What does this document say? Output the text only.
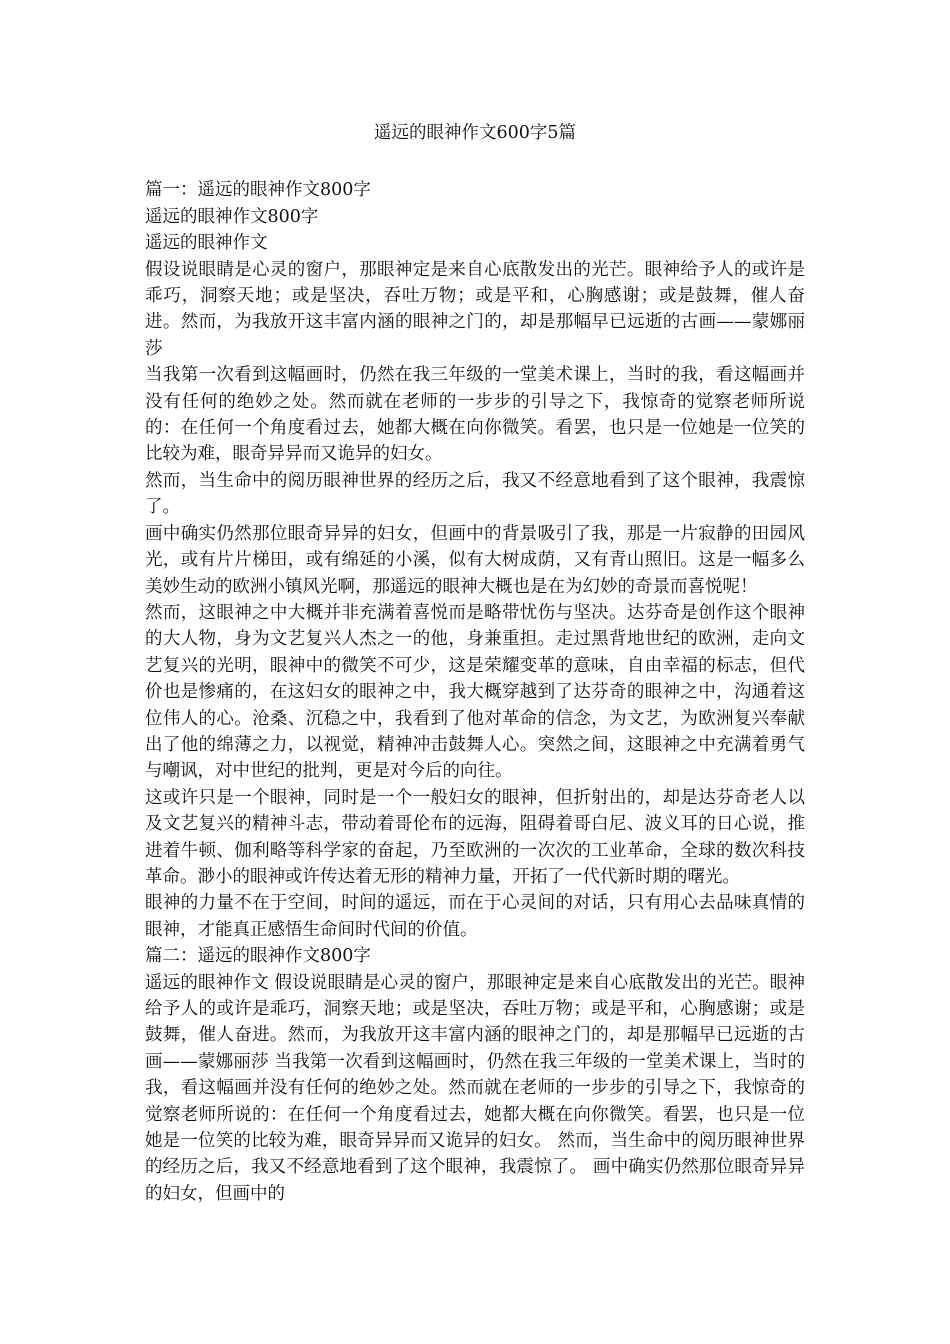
遥远的眼神作文600字5篇

篇一：遥远的眼神作文800字

遥远的眼神作文800字

遥远的眼神作文

假设说眼睛是心灵的窗户，那眼神定是来自心底散发出的光芒。眼神给予人的或许是乖巧，洞察天地；或是坚决，吞吐万物；或是平和，心胸感谢；或是鼓舞，催人奋进。然而，为我放开这丰富内涵的眼神之门的，却是那幅早已远逝的古画——蒙娜丽莎

当我第一次看到这幅画时，仍然在我三年级的一堂美术课上，当时的我，看这幅画并没有任何的绝妙之处。然而就在老师的一步步的引导之下，我惊奇的觉察老师所说的：在任何一个角度看过去，她都大概在向你微笑。看罢，也只是一位她是一位笑的比较为难，眼奇异异而又诡异的妇女。

然而，当生命中的阅历眼神世界的经历之后，我又不经意地看到了这个眼神，我震惊了。

画中确实仍然那位眼奇异异的妇女，但画中的背景吸引了我，那是一片寂静的田园风光，或有片片梯田，或有绵延的小溪，似有大树成荫，又有青山照旧。这是一幅多么美妙生动的欧洲小镇风光啊，那遥远的眼神大概也是在为幻妙的奇景而喜悦呢！

然而，这眼神之中大概并非充满着喜悦而是略带忧伤与坚决。达芬奇是创作这个眼神的大人物，身为文艺复兴人杰之一的他，身兼重担。走过黑背地世纪的欧洲，走向文艺复兴的光明，眼神中的微笑不可少，这是荣耀变革的意味，自由幸福的标志，但代价也是惨痛的，在这妇女的眼神之中，我大概穿越到了达芬奇的眼神之中，沟通着这位伟人的心。沧桑、沉稳之中，我看到了他对革命的信念，为文艺，为欧洲复兴奉献出了他的绵薄之力，以视觉，精神冲击鼓舞人心。突然之间，这眼神之中充满着勇气与嘲讽，对中世纪的批判，更是对今后的向往。

这或许只是一个眼神，同时是一个一般妇女的眼神，但折射出的，却是达芬奇老人以及文艺复兴的精神斗志，带动着哥伦布的远海，阻碍着哥白尼、波义耳的日心说，推进着牛顿、伽利略等科学家的奋起，乃至欧洲的一次次的工业革命，全球的数次科技革命。渺小的眼神或许传达着无形的精神力量，开拓了一代代新时期的曙光。

眼神的力量不在于空间，时间的遥远，而在于心灵间的对话，只有用心去品味真情的眼神，才能真正感悟生命间时代间的价值。

篇二：遥远的眼神作文800字

遥远的眼神作文 假设说眼睛是心灵的窗户，那眼神定是来自心底散发出的光芒。眼神给予人的或许是乖巧，洞察天地；或是坚决，吞吐万物；或是平和，心胸感谢；或是鼓舞，催人奋进。然而，为我放开这丰富内涵的眼神之门的，却是那幅早已远逝的古画——蒙娜丽莎 当我第一次看到这幅画时，仍然在我三年级的一堂美术课上，当时的我，看这幅画并没有任何的绝妙之处。然而就在老师的一步步的引导之下，我惊奇的觉察老师所说的：在任何一个角度看过去，她都大概在向你微笑。看罢，也只是一位她是一位笑的比较为难，眼奇异异而又诡异的妇女。 然而，当生命中的阅历眼神世界的经历之后，我又不经意地看到了这个眼神，我震惊了。 画中确实仍然那位眼奇异异的妇女，但画中的
